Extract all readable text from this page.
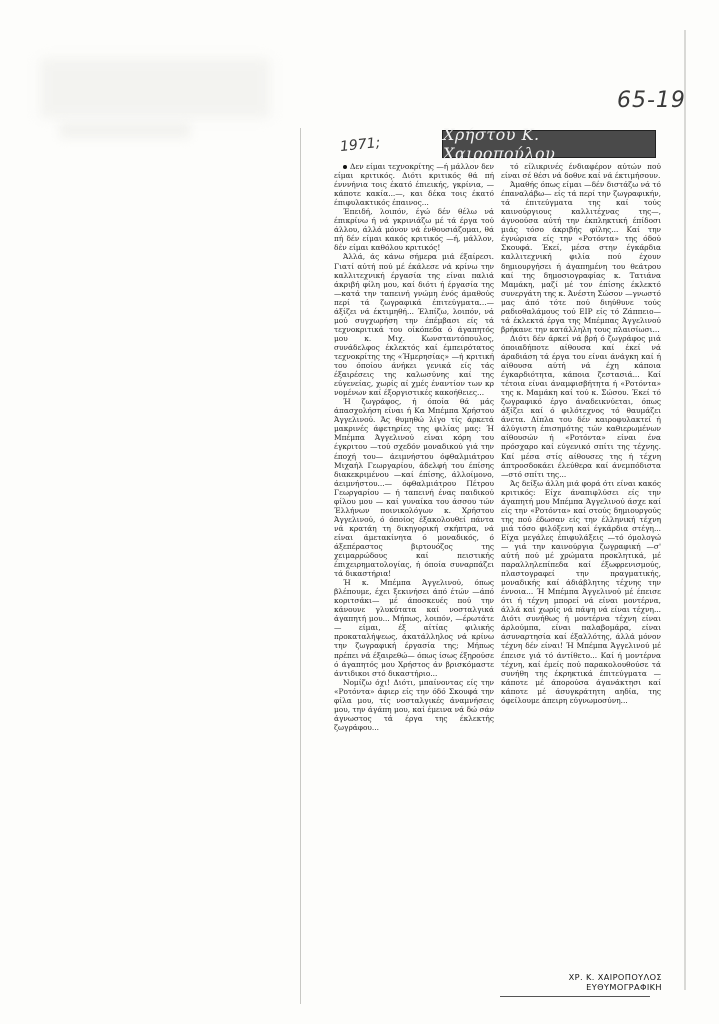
65-19
1971;
Χρήστου Κ. Χαιροπούλου

Δεν είμαι τεχνοκρίτης —ή μάλλον δεν είμαι κριτικός. Διότι κριτικός θά πή ένννήνια τοις έκατό έπιεικής, γκρίνια, —κάποτε κακία...—, και δέκα τοις έκατό έπιφυλακτικός έπαινος...

Έπειδή, λοιπόν, έγώ δέν θέλω νά έπικρίνω ή νά γκρινιάζω μέ τά έργα τού άλλου, άλλά μόνον νά ένθουσιάζομαι, θά πή δέν είμαι κακός κριτικός —ή, μάλλον, δέν είμαι καθόλου κριτικός!

Άλλά, άς κάνω σήμερα μιά έξαίρεσι. Γιατί αύτή πού μέ έκάλεσε νά κρίνω την καλλιτεχνική έργασία της είναι παλιά άκριβή φίλη μου, καί διότι ή έργασία της —κατά την ταπεινή γνώμη ένός άμαθούς περί τά ζωγραφικά έπιτεύγματα...— άξίζει νά έκτιμηθή... Έλπίζω, λοιπόν, νά μού συγχωρήση την έπέμβασι είς τά τεχνοκριτικά του οίκόπεδα ό άγαπητός μου κ. Μιχ. Κωνσταντόπουλος, συνάδελφος έκλεκτός καί έμπειρότατος τεχνοκρίτης της «Ήμερησίας» —ή κριτική του όποίου άνήκει γενικά είς τάς έξαιρέσεις της καλωσύνης καί της εύγενείας, χωρίς αί χμές έναντίον των κρ νομένων καί έξοργιστικές κακοήθειες...

Ή ζωγράφος, ή όποία θά μάς άπασχολήση είναι ή Κα Μπέμπα Χρήστου Άγγελινού. Άς θυμηθώ λίγο τίς άρκετά μακρινές άφετηρίες της φιλίας μας: Ή Μπέμπα Άγγελινού είναι κόρη του έγκριτου —τού σχεδόν μοναδικού γιά την έποχή του— άειμνήστου όφθαλμιάτρου Μιχαήλ Γεωργαρίου, άδελφή του έπίσης διακεκριμένου —καί έπίσης, άλλοίμονο, άειμνήστου...— όφθαλμιάτρου Πέτρου Γεωργαρίου — ή ταπεινή ένας παιδικού φίλου μου — καί γυναίκα του άσσου τών Έλλήνων ποινικολόγων κ. Χρήστου Άγγελινού, ό όποίος έξακολουθεί πάντα νά κρατάη τη δικηγορική σκήπτρα, νά είναι άμετακίνητα ό μοναδικός, ό άξεπέραστος βιρτουόζος της χειμαρρώδους καί πειστικής έπιχειρηματολογίας, ή όποία συναρπάζει τά δικαστήρια!

Ή κ. Μπέμπα Άγγελινού, όπως βλέπουμε, έχει ξεκινήσει άπό έτών —άπό κοριτσάκι— μέ άποσκευές πού την κάνουνε γλυκύτατα καί νοσταλγικά άγαπητή μου... Μήπως, λοιπόν, —έρωτάτε— είμαι, έξ αίτίας φιλικής προκαταλήψεως, άκατάλληλος νά κρίνω την ζωγραφική έργασία της; Μήπως πρέπει νά έξαιρεθώ— όπως ίσως έξηρούσε ό άγαπητός μου Χρήστος άν βρισκόμαστε άντιδικοι στό δικαστήριο...

Νομίζω όχι! Διότι, μπαίνοντας είς την «Ροτόντα» άφιερ είς την όδό Σκουφά την φίλα μου, τίς νοσταλγικές άναμνήσεις μου, την άγάπη μου, καί έμεινα νά δώ σάν άγνωστος τά έργα της έκλεκτής ζωγράφου...

τό είλικρινές ένδιαφέρον αύτών πού είναι σέ θέσι νά δοθνε καί νά έκτιμήσουν.

Άμαθής όπως είμαι —δέν διστάζω νά τό έπαναλάβω— είς τά περί την ζωγραφικήν, τά έπιτεύγματα της καί τούς καινούργιους καλλιτέχνας της—, άγνοούσα αύτή την έκπληκτική έπίδοσι μιάς τόσο άκριβής φίλης... Καί την έγνώρισα είς την «Ροτόντα» της όδού Σκουφά. Έκεί, μέσα στην έγκάρδια καλλιτεχνική φιλία πού έχουν δημιουργήσει ή άγαπημένη του θεάτρου καί της δημοσιογραφίας κ. Τατιάνα Μαμάκη, μαζί μέ τον έπίσης έκλεκτό συνεργάτη της κ. Άνέστη Σώσον —γνωστό μας άπό τότε πού διηύθυνε τούς ραδιοθαλάμους τού ΕΙΡ είς τό Ζάππειο— τά έκλεκτά έργα της Μπέμπας Άγγελινού βρήκανε την κατάλληλη τους πλαισίωσι...

Διότι δέν άρκεί νά βρή ό ζωγράφος μιά όποιαδήποτε αίθουσα καί έκεί νά άραδιάση τά έργα του είναι άνάγκη καί ή αίθουσα αύτή νά έχη κάποια έγκαρδιότητα, κάποια ζεστασιά... Καί τέτοια είναι άναμφισβήτητα ή «Ροτόντα» της κ. Μαμάκη καί τού κ. Σώσου. Έκεί τό ζωγραφικό έργο άναδεικνύεται, όπως άξίζει καί ό φιλότεχνος τό θαυμάζει άνετα. Δίπλα του δέν καιροφυλακτεί ή άλύγιστη έπισημότης τών καθιερωμένων αίθουσών ή «Ροτόντα» είναι ένα πρόσχαρο καί εύγενικό σπίτι της τέχνης. Καί μέσα στίς αίθουσες της ή τέχνη άπτροσδοκάει έλεύθερα καί άνεμπόδιστα —στό σπίτι της...

Άς δείξω άλλη μιά φορά ότι είναι κακός κριτικός: Είχε άναπιφλύσει είς την άγαπητή μου Μπέμπα Άγγελινού άσχε καί είς την «Ροτόντα» καί στούς δημιουργούς της πού έδωσαν είς την έλληνική τέχνη μιά τόσο φιλόξενη καί έγκάρδια στέγη... Είχα μεγάλες έπιφυλάξεις —τό όμολογώ— γιά την καινούργια ζωγραφική —σ' αύτή πού μέ χρώματα προκλητικά, μέ παραλληλεπίπεδα καί έξωφρενισμούς, πλαστογραφεί την πραγματικής, μοναδικής καί άδιάβλητης τέχνης την έννοια... Ή Μπέμπα Άγγελινού μέ έπεισε ότι ή τέχνη μπορεί νά είναι μοντέρνα, άλλά καί χωρίς νά πάψη νά είναι τέχνη... Διότι συνήθως ή μοντέρνα τέχνη είναι άρλούμπα, είναι παλαβομάρα, είναι άσυναρτησία καί έξαλλότης, άλλά μόνον τέχνη δέν είναι! Ή Μπέμπα Άγγελινού μέ έπεισε γιά τό άντίθετο... Καί ή μοντέρνα τέχνη, καί έμείς πού παρακολουθούσε τά συνήθη της έκρηκτικά έπιτεύγματα — κάποτε μέ άπορούσα άγανάκτησι καί κάποτε μέ άσυγκράτητη αηδία, της όφείλουμε άπειρη εύγνωμοσύνη...

ΧΡ. Κ. ΧΑΙΡΟΠΟΥΛΟΣ
ΕΥΘΥΜΟΓΡΑΦΙΚΗ
